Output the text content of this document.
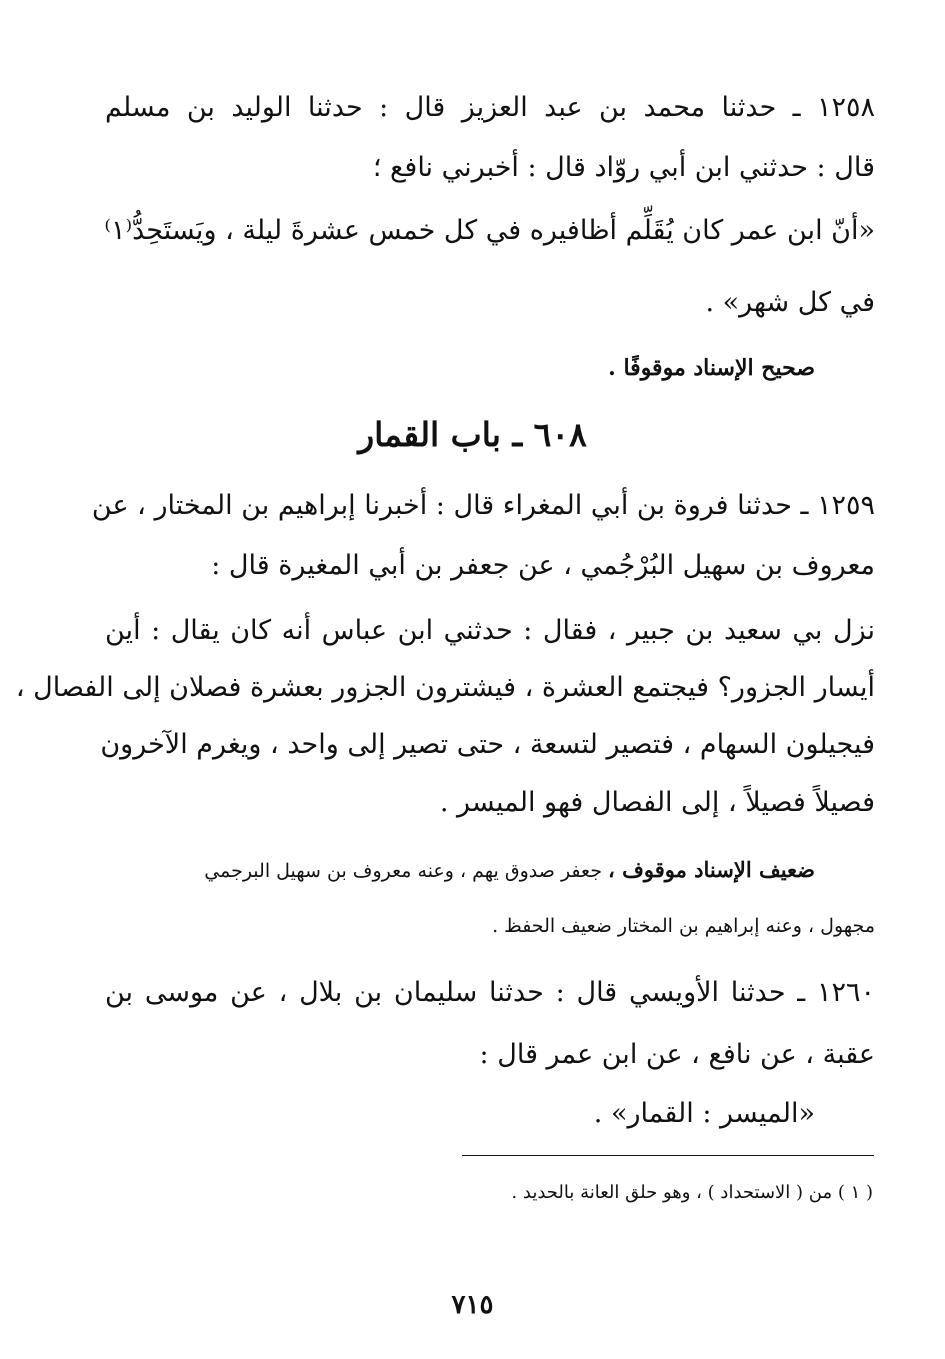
١٢٥٨ ـ حدثنا محمد بن عبد العزيز قال : حدثنا الوليد بن مسلم
قال : حدثني ابن أبي روّاد قال : أخبرني نافع ؛
«أنّ ابن عمر كان يُقَلِّم أظافيره في كل خمس عشرةَ ليلة ، ويَستَحِدُّ⁽١⁾
في كل شهر» .
صحيح الإسناد موقوفًا .
٦٠٨ ـ باب القمار
١٢٥٩ ـ حدثنا فروة بن أبي المغراء قال : أخبرنا إبراهيم بن المختار ، عن
معروف بن سهيل البُرْجُمي ، عن جعفر بن أبي المغيرة قال :
نزل بي سعيد بن جبير ، فقال : حدثني ابن عباس أنه كان يقال : أين
أيسار الجزور؟ فيجتمع العشرة ، فيشترون الجزور بعشرة فصلان إلى الفصال ،
فيجيلون السهام ، فتصير لتسعة ، حتى تصير إلى واحد ، ويغرم الآخرون
فصيلاً فصيلاً ، إلى الفصال فهو الميسر .
ضعيف الإسناد موقوف ، جعفر صدوق يهم ، وعنه معروف بن سهيل البرجمي
مجهول ، وعنه إبراهيم بن المختار ضعيف الحفظ .
١٢٦٠ ـ حدثنا الأويسي قال : حدثنا سليمان بن بلال ، عن موسى بن
عقبة ، عن نافع ، عن ابن عمر قال :
«الميسر : القمار» .
( ١ ) من ( الاستحداد ) ، وهو حلق العانة بالحديد .
٧١٥
